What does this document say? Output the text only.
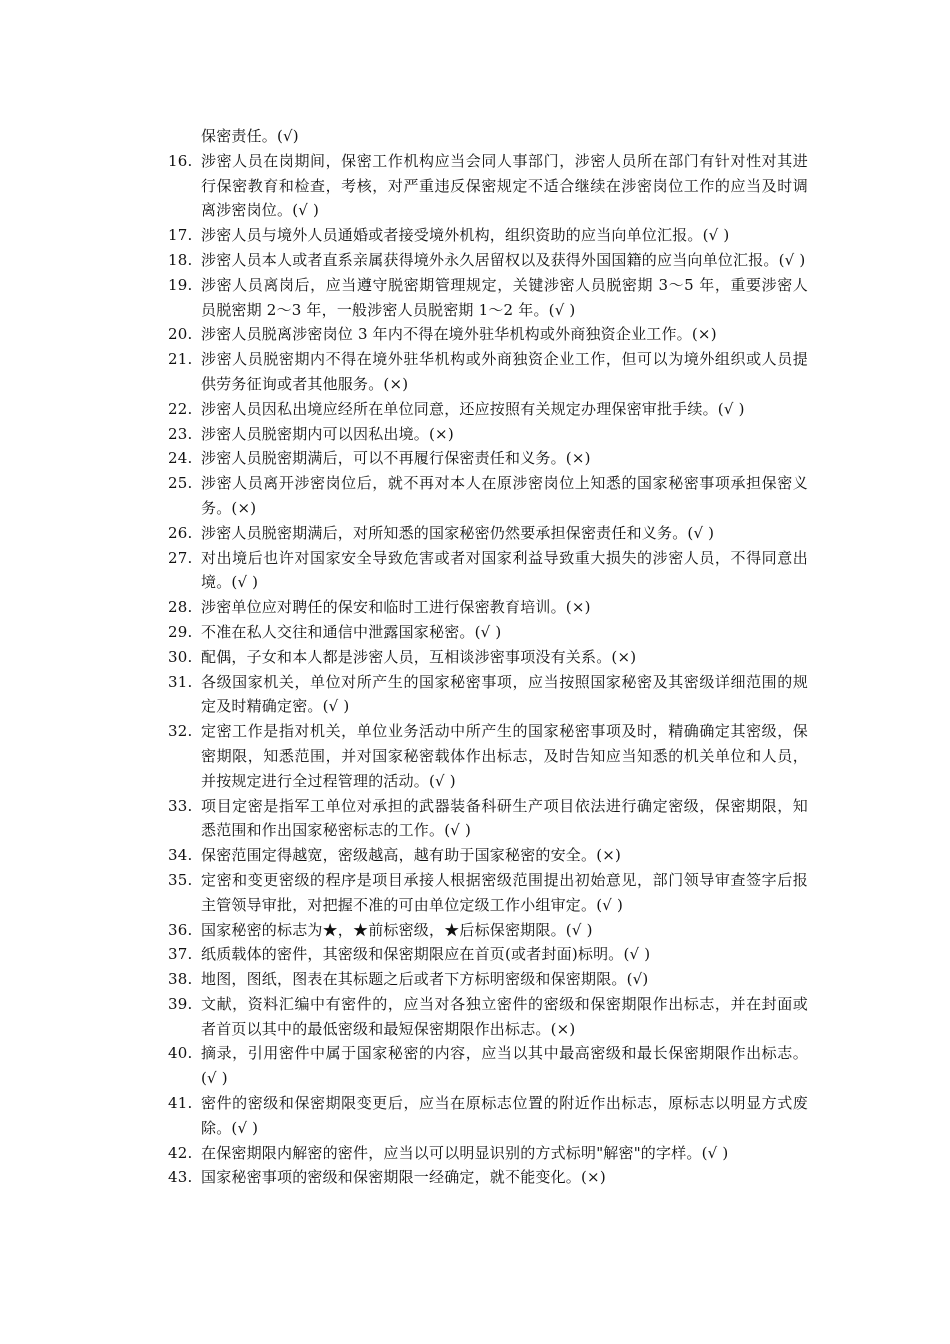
保密责任。(√)
16. 涉密人员在岗期间，保密工作机构应当会同人事部门，涉密人员所在部门有针对性对其进行保密教育和检查，考核，对严重违反保密规定不适合继续在涉密岗位工作的应当及时调离涉密岗位。(√ )
17. 涉密人员与境外人员通婚或者接受境外机构，组织资助的应当向单位汇报。(√ )
18. 涉密人员本人或者直系亲属获得境外永久居留权以及获得外国国籍的应当向单位汇报。(√ )
19. 涉密人员离岗后，应当遵守脱密期管理规定，关键涉密人员脱密期 3～5 年，重要涉密人员脱密期 2～3 年，一般涉密人员脱密期 1～2 年。(√ )
20. 涉密人员脱离涉密岗位 3 年内不得在境外驻华机构或外商独资企业工作。(×)
21. 涉密人员脱密期内不得在境外驻华机构或外商独资企业工作，但可以为境外组织或人员提供劳务征询或者其他服务。(×)
22. 涉密人员因私出境应经所在单位同意，还应按照有关规定办理保密审批手续。(√ )
23. 涉密人员脱密期内可以因私出境。(×)
24. 涉密人员脱密期满后，可以不再履行保密责任和义务。(×)
25. 涉密人员离开涉密岗位后，就不再对本人在原涉密岗位上知悉的国家秘密事项承担保密义务。(×)
26. 涉密人员脱密期满后，对所知悉的国家秘密仍然要承担保密责任和义务。(√ )
27. 对出境后也许对国家安全导致危害或者对国家利益导致重大损失的涉密人员，不得同意出境。(√ )
28. 涉密单位应对聘任的保安和临时工进行保密教育培训。(×)
29. 不准在私人交往和通信中泄露国家秘密。(√ )
30. 配偶，子女和本人都是涉密人员，互相谈涉密事项没有关系。(×)
31. 各级国家机关，单位对所产生的国家秘密事项，应当按照国家秘密及其密级详细范围的规定及时精确定密。(√ )
32. 定密工作是指对机关，单位业务活动中所产生的国家秘密事项及时，精确确定其密级，保密期限，知悉范围，并对国家秘密载体作出标志，及时告知应当知悉的机关单位和人员，并按规定进行全过程管理的活动。(√ )
33. 项目定密是指军工单位对承担的武器装备科研生产项目依法进行确定密级，保密期限，知悉范围和作出国家秘密标志的工作。(√ )
34. 保密范围定得越宽，密级越高，越有助于国家秘密的安全。(×)
35. 定密和变更密级的程序是项目承接人根据密级范围提出初始意见，部门领导审查签字后报主管领导审批，对把握不准的可由单位定级工作小组审定。(√ )
36. 国家秘密的标志为★，★前标密级，★后标保密期限。(√ )
37. 纸质载体的密件，其密级和保密期限应在首页(或者封面)标明。(√ )
38. 地图，图纸，图表在其标题之后或者下方标明密级和保密期限。(√)
39. 文献，资料汇编中有密件的，应当对各独立密件的密级和保密期限作出标志，并在封面或者首页以其中的最低密级和最短保密期限作出标志。(×)
40. 摘录，引用密件中属于国家秘密的内容，应当以其中最高密级和最长保密期限作出标志。(√ )
41. 密件的密级和保密期限变更后，应当在原标志位置的附近作出标志，原标志以明显方式废除。(√ )
42. 在保密期限内解密的密件，应当以可以明显识别的方式标明"解密"的字样。(√ )
43. 国家秘密事项的密级和保密期限一经确定，就不能变化。(×)
